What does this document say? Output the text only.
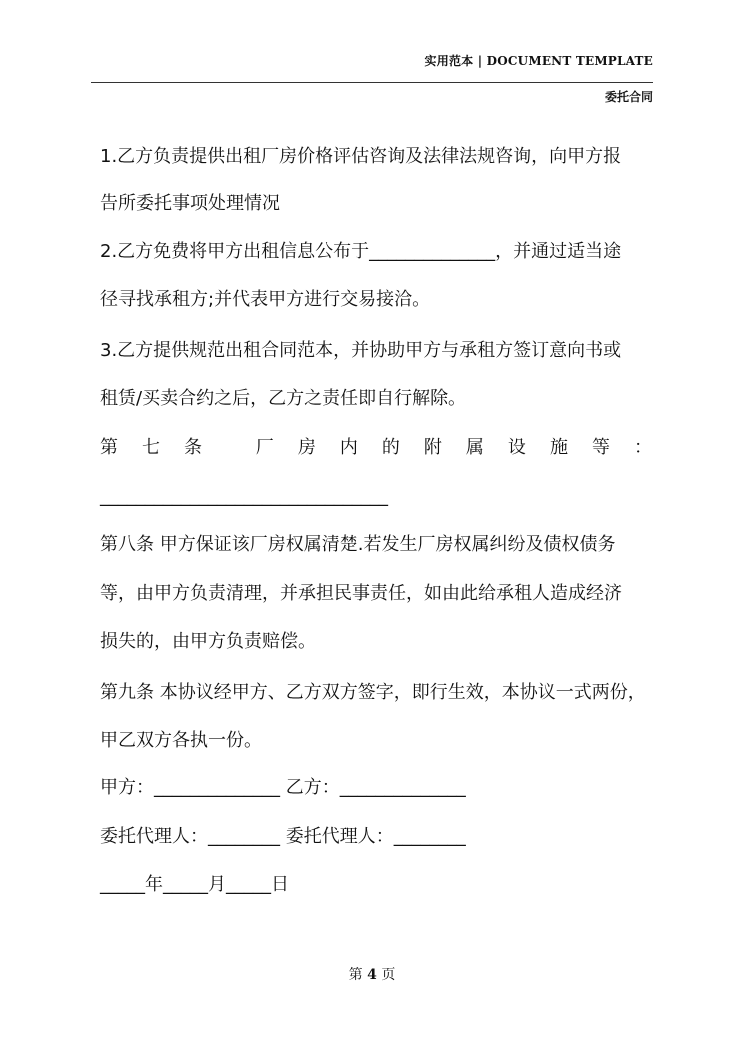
实用范本 | DOCUMENT TEMPLATE
委托合同
1.乙方负责提供出租厂房价格评估咨询及法律法规咨询，向甲方报
告所委托事项处理情况
2.乙方免费将甲方出租信息公布于______________，并通过适当途
径寻找承租方;并代表甲方进行交易接洽。
3.乙方提供规范出租合同范本，并协助甲方与承租方签订意向书或
租赁/买卖合约之后，乙方之责任即自行解除。
第七条 厂房内的附属设施等：
________________________________
第八条 甲方保证该厂房权属清楚.若发生厂房权属纠纷及债权债务
等，由甲方负责清理，并承担民事责任，如由此给承租人造成经济
损失的，由甲方负责赔偿。
第九条 本协议经甲方、乙方双方签字，即行生效，本协议一式两份，
甲乙双方各执一份。
甲方：______________ 乙方：______________
委托代理人：________ 委托代理人：________
_____年_____月_____日
第 4 页
